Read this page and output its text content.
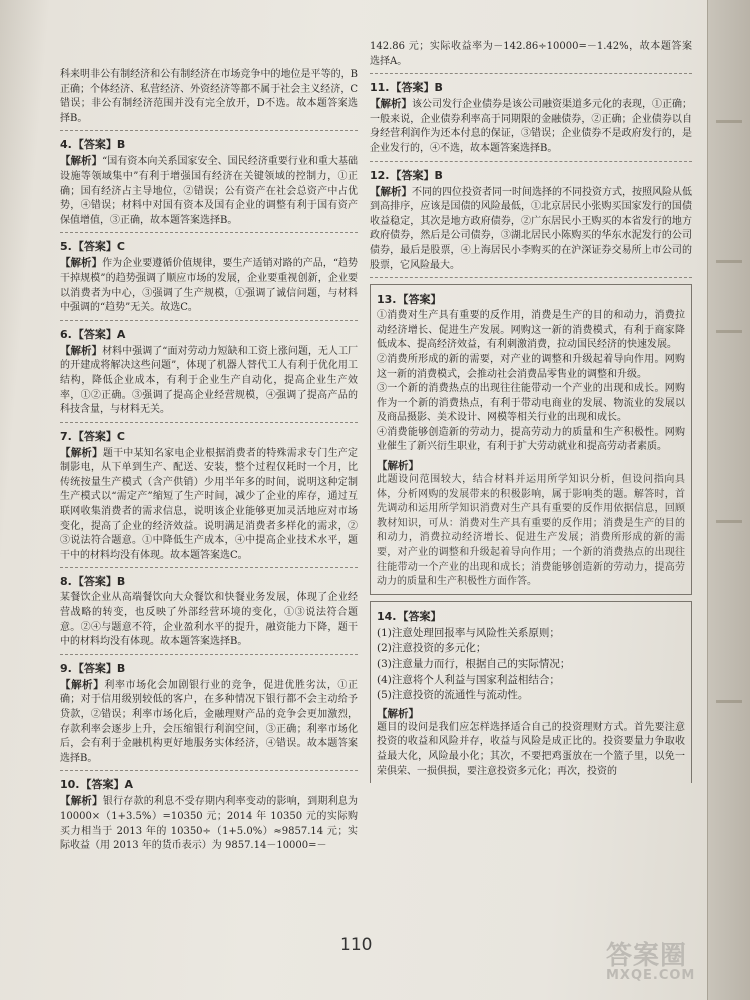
科来明非公有制经济和公有制经济在市场竞争中的地位是平等的，B正确；个体经济、私营经济、外资经济等都不属于社会主义经济，C错误；非公有制经济范围并没有完全放开，D不选。故本题答案选择B。

4.【答案】B

【解析】“国有资本向关系国家安全、国民经济重要行业和重大基础设施等领域集中”有利于增强国有经济在关键领域的控制力，①正确；国有经济占主导地位，②错误；公有资产在社会总资产中占优势，④错误；材料中对国有资本及国有企业的调整有利于国有资产保值增值，③正确，故本题答案选择B。

5.【答案】C

【解析】作为企业要遵循价值规律，要生产适销对路的产品，“趋势干掉规模”的趋势强调了顺应市场的发展，企业要重视创新，企业要以消费者为中心，③强调了生产规模，①强调了诚信问题，与材料中强调的“趋势”无关。故选C。

6.【答案】A

【解析】材料中强调了“面对劳动力短缺和工资上涨问题，无人工厂的开建成将解决这些问题”，体现了机器人替代工人有利于优化用工结构，降低企业成本，有利于企业生产自动化，提高企业生产效率，①②正确。③强调了提高企业经营规模，④强调了提高产品的科技含量，与材料无关。

7.【答案】C

【解析】题干中某知名家电企业根据消费者的特殊需求专门生产定制影电，从下单到生产、配送、安装，整个过程仅耗时一个月，比传统按量生产模式（含产供销）少用半年多的时间，说明这种定制生产模式以“需定产”缩短了生产时间，减少了企业的库存，通过互联网收集消费者的需求信息，说明该企业能够更加灵活地应对市场变化，提高了企业的经济效益。说明满足消费者多样化的需求，②③说法符合题意。①中降低生产成本，④中提高企业技术水平，题干中的材料均没有体现。故本题答案选C。

8.【答案】B

某餐饮企业从高端餐饮向大众餐饮和快餐业务发展，体现了企业经营战略的转变，也反映了外部经营环境的变化，①③说法符合题意。②④与题意不符，企业盈利水平的提升，融资能力下降，题干中的材料均没有体现。故本题答案选择B。

9.【答案】B

【解析】利率市场化会加剧银行业的竞争，促进优胜劣汰，①正确；对于信用级别较低的客户，在多种情况下银行都不会主动给予贷款，②错误；利率市场化后，金融理财产品的竞争会更加激烈，存款利率会逐步上升，会压缩银行利润空间，③正确；利率市场化后，会有利于金融机构更好地服务实体经济，④错误。故本题答案选择B。

10.【答案】A

【解析】银行存款的利息不受存期内利率变动的影响，到期利息为 10000×（1+3.5%）=10350 元；2014 年 10350 元的实际购买力相当于 2013 年的 10350÷（1+5.0%）≈9857.14 元；实际收益（用 2013 年的货币表示）为 9857.14－10000=－

142.86 元；实际收益率为－142.86÷10000=－1.42%，故本题答案选择A。

11.【答案】B

【解析】该公司发行企业债券是该公司融资渠道多元化的表现，①正确；一般来说，企业债券利率高于同期限的金融债券，②正确；企业债券以自身经营利润作为还本付息的保证，③错误；企业债券不是政府发行的，是企业发行的，④不选，故本题答案选择B。

12.【答案】B

【解析】不同的四位投资者同一时间选择的不同投资方式，按照风险从低到高排序，应该是国债的风险最低，①北京居民小张购买国家发行的国债收益稳定，其次是地方政府债券，②广东居民小王购买的本省发行的地方政府债券，然后是公司债券，③湖北居民小陈购买的华东水泥发行的公司债券，最后是股票，④上海居民小李购买的在沪深证券交易所上市公司的股票，它风险最大。

13.【答案】

①消费对生产具有重要的反作用，消费是生产的目的和动力，消费拉动经济增长、促进生产发展。网购这一新的消费模式，有利于商家降低成本、提高经济效益，有利刺激消费，拉动国民经济的快速发展。

②消费所形成的新的需要，对产业的调整和升级起着导向作用。网购这一新的消费模式，会推动社会消费品零售业的调整和升级。

③一个新的消费热点的出现往往能带动一个产业的出现和成长。网购作为一个新的消费热点，有利于带动电商业的发展、物流业的发展以及商品摄影、美术设计、网模等相关行业的出现和成长。

④消费能够创造新的劳动力，提高劳动力的质量和生产积极性。网购业催生了新兴衍生职业，有利于扩大劳动就业和提高劳动者素质。

【解析】

此题设问范围较大，结合材料并运用所学知识分析，但设问指向具体，分析网购的发展带来的积极影响，属于影响类的题。解答时，首先调动和运用所学知识消费对生产具有重要的反作用依据信息，回顾教材知识，可从：消费对生产具有重要的反作用；消费是生产的目的和动力，消费拉动经济增长、促进生产发展；消费所形成的新的需要，对产业的调整和升级起着导向作用；一个新的消费热点的出现往往能带动一个产业的出现和成长；消费能够创造新的劳动力，提高劳动力的质量和生产积极性方面作答。

14.【答案】

(1)注意处理回报率与风险性关系原则；

(2)注意投资的多元化；

(3)注意量力而行，根据自己的实际情况；

(4)注意将个人利益与国家利益相结合；

(5)注意投资的流通性与流动性。

【解析】

题目的设问是我们应怎样选择适合自己的投资理财方式。首先要注意投资的收益和风险并存，收益与风险是成正比的。投资要量力争取收益最大化，风险最小化；其次，不要把鸡蛋放在一个篮子里，以免一荣俱荣、一损俱损，要注意投资多元化；再次，投资的

110	答案圈
MXQE.COM
